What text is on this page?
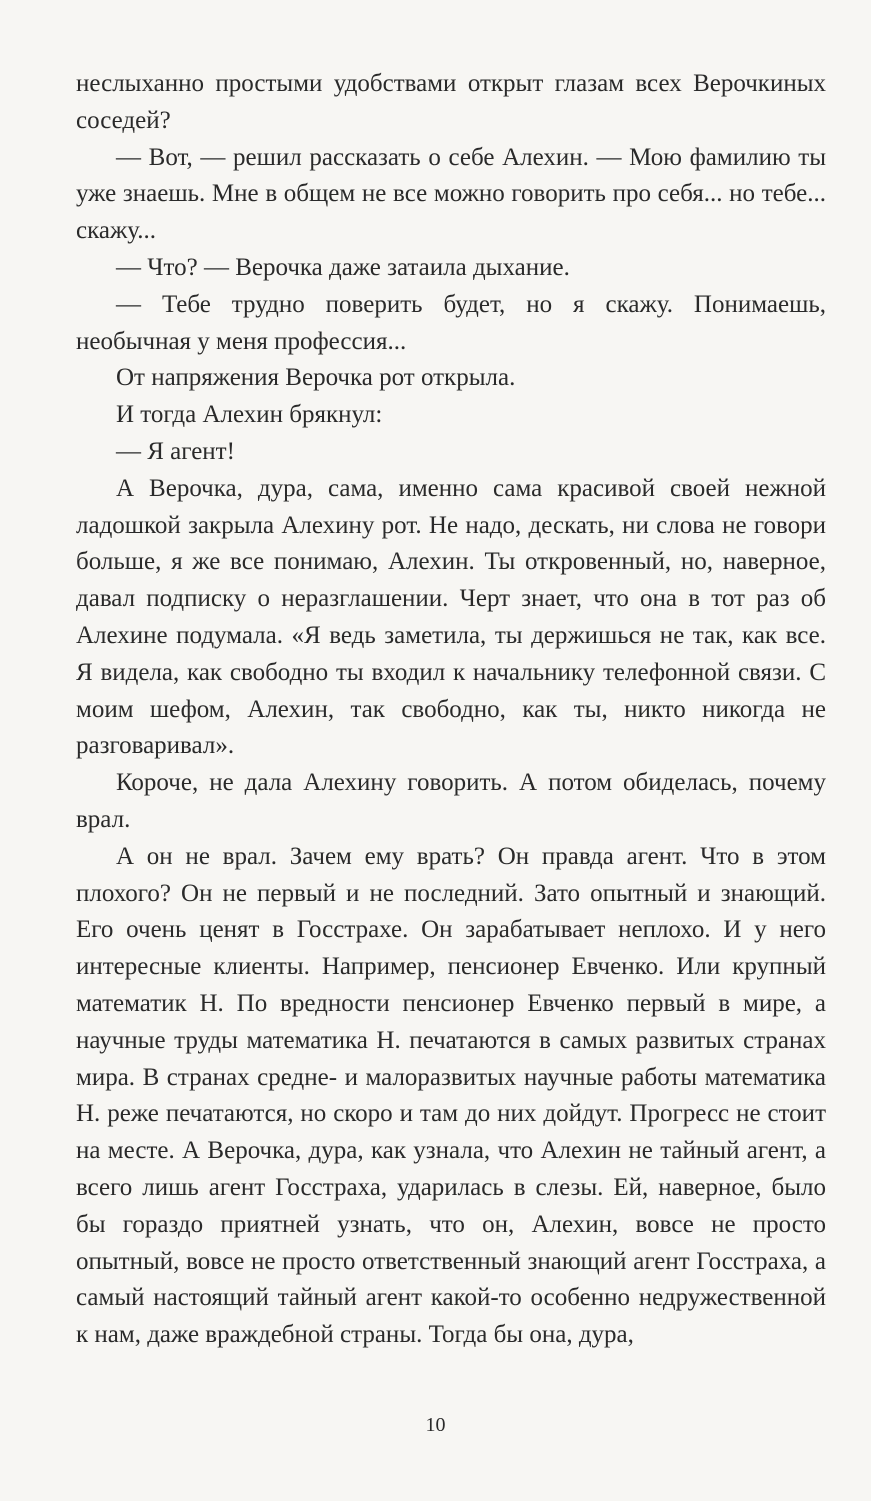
неслыханно простыми удобствами открыт глазам всех Верочкиных соседей?

— Вот, — решил рассказать о себе Алехин. — Мою фамилию ты уже знаешь. Мне в общем не все можно говорить про себя... но тебе... скажу...

— Что? — Верочка даже затаила дыхание.

— Тебе трудно поверить будет, но я скажу. Понимаешь, необычная у меня профессия...

От напряжения Верочка рот открыла.

И тогда Алехин брякнул:

— Я агент!

А Верочка, дура, сама, именно сама красивой своей нежной ладошкой закрыла Алехину рот. Не надо, дескать, ни слова не говори больше, я же все понимаю, Алехин. Ты откровенный, но, наверное, давал подписку о неразглашении. Черт знает, что она в тот раз об Алехине подумала. «Я ведь заметила, ты держишься не так, как все. Я видела, как свободно ты входил к начальнику телефонной связи. С моим шефом, Алехин, так свободно, как ты, никто никогда не разговаривал».

Короче, не дала Алехину говорить. А потом обиделась, почему врал.

А он не врал. Зачем ему врать? Он правда агент. Что в этом плохого? Он не первый и не последний. Зато опытный и знающий. Его очень ценят в Госстрахе. Он зарабатывает неплохо. И у него интересные клиенты. Например, пенсионер Евченко. Или крупный математик Н. По вредности пенсионер Евченко первый в мире, а научные труды математика Н. печатаются в самых развитых странах мира. В странах средне- и малоразвитых научные работы математика Н. реже печатаются, но скоро и там до них дойдут. Прогресс не стоит на месте. А Верочка, дура, как узнала, что Алехин не тайный агент, а всего лишь агент Госстраха, ударилась в слезы. Ей, наверное, было бы гораздо приятней узнать, что он, Алехин, вовсе не просто опытный, вовсе не просто ответственный знающий агент Госстраха, а самый настоящий тайный агент какой-то особенно недружественной к нам, даже враждебной страны. Тогда бы она, дура,

10
